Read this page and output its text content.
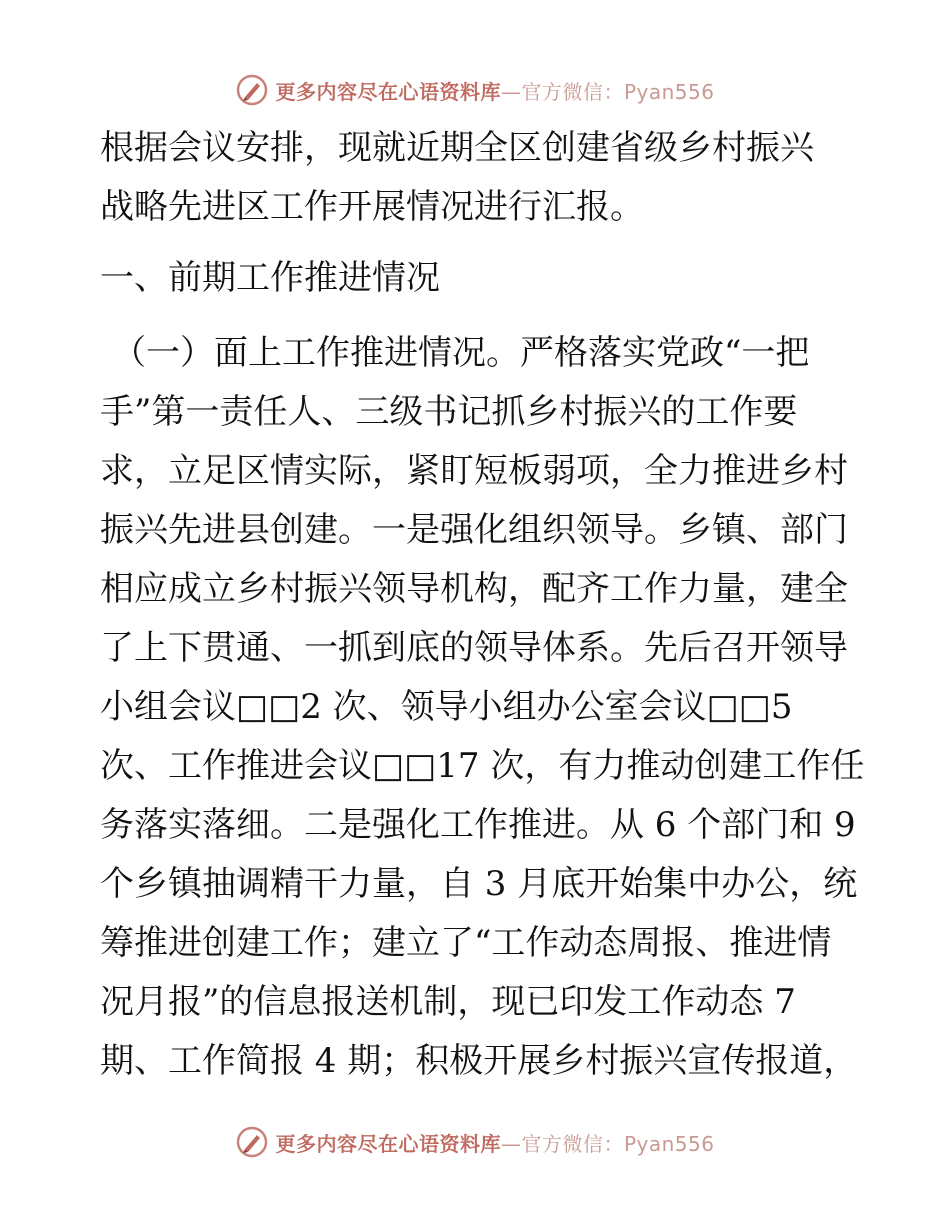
更多内容尽在心语资料库—官方微信：Pyan556
根据会议安排，现就近期全区创建省级乡村振兴
战略先进区工作开展情况进行汇报。
一、前期工作推进情况
（一）面上工作推进情况。严格落实党政“一把
手”第一责任人、三级书记抓乡村振兴的工作要
求，立足区情实际，紧盯短板弱项，全力推进乡村
振兴先进县创建。一是强化组织领导。乡镇、部门
相应成立乡村振兴领导机构，配齐工作力量，建全
了上下贯通、一抓到底的领导体系。先后召开领导
小组会议□□2 次、领导小组办公室会议□□5
次、工作推进会议□□17 次，有力推动创建工作任
务落实落细。二是强化工作推进。从 6 个部门和 9
个乡镇抽调精干力量，自 3 月底开始集中办公，统
筹推进创建工作；建立了“工作动态周报、推进情
况月报”的信息报送机制，现已印发工作动态 7
期、工作简报 4 期；积极开展乡村振兴宣传报道，
更多内容尽在心语资料库—官方微信：Pyan556
